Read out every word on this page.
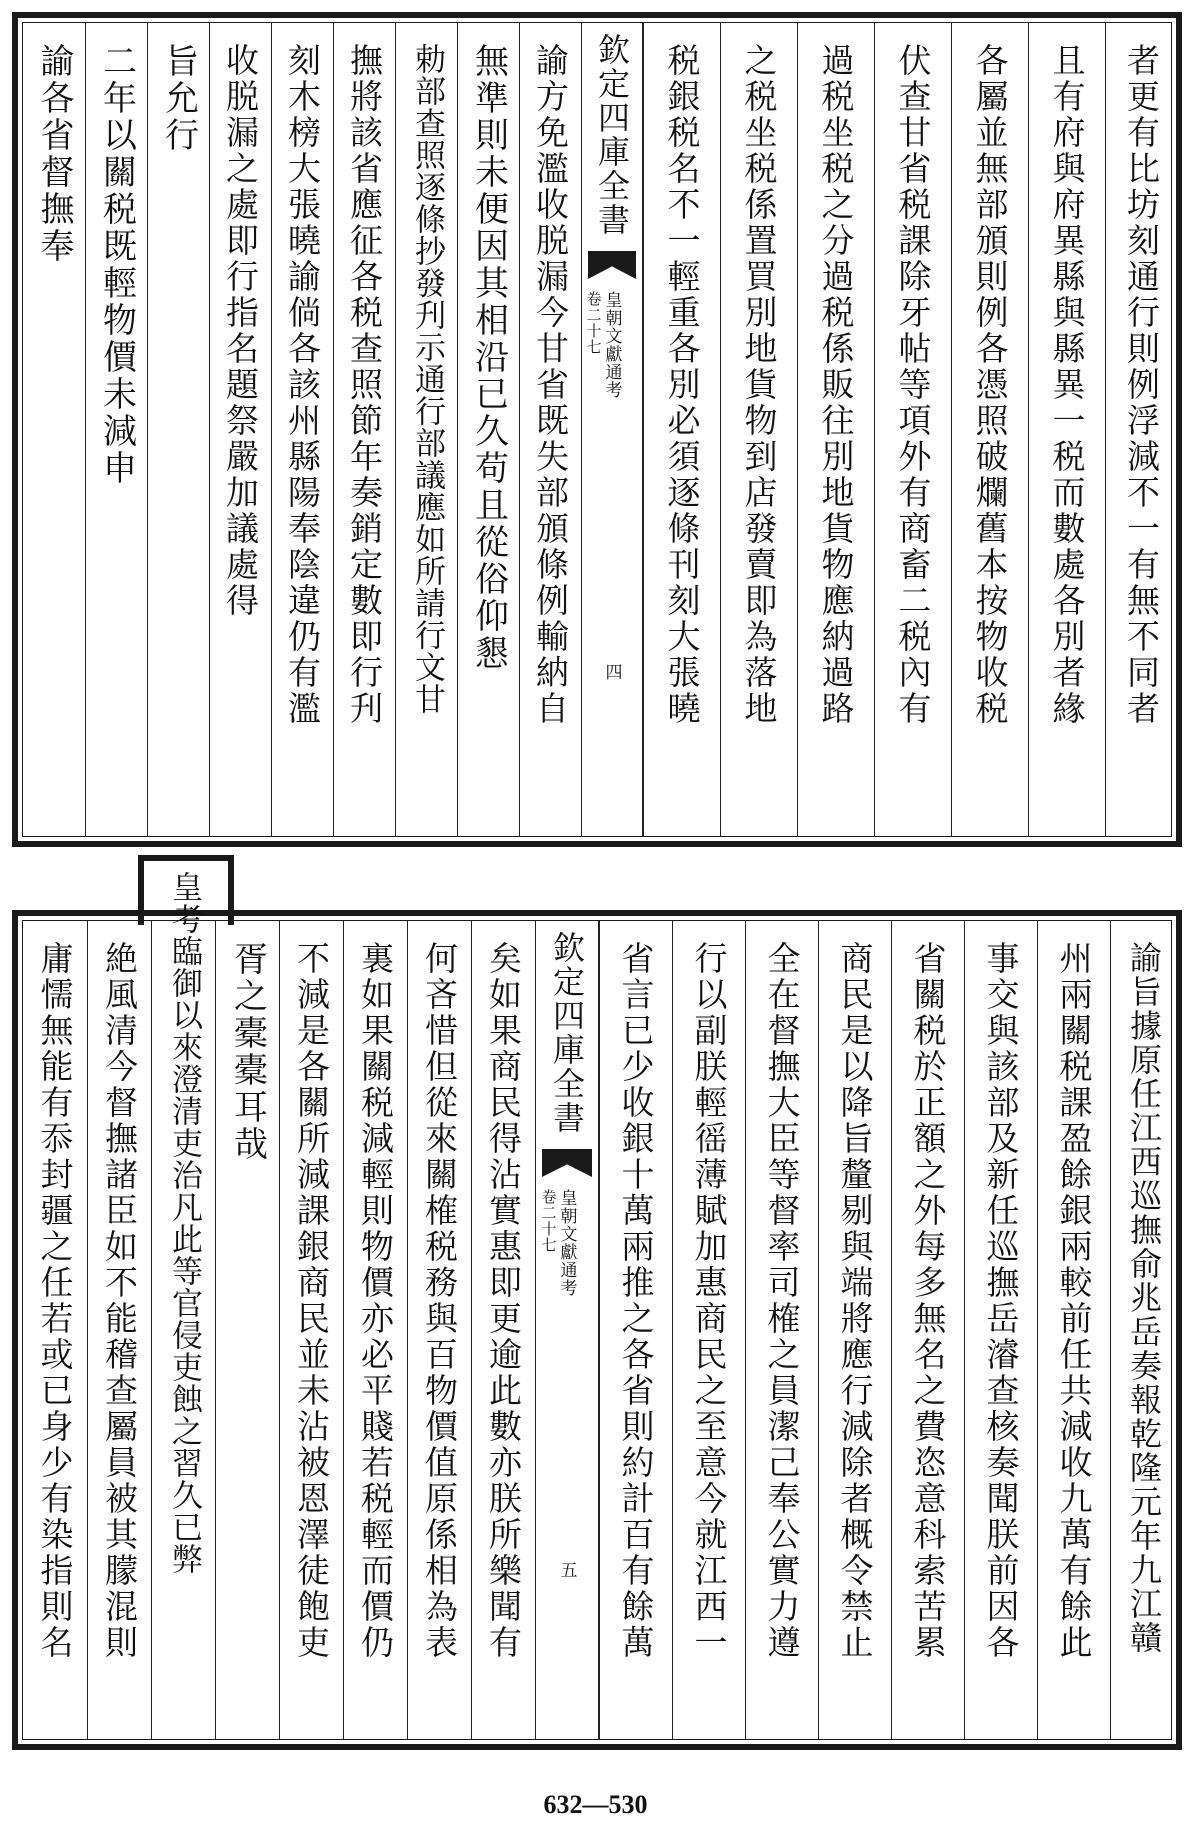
諭各省督撫奉 二年以關税既輕物價未減申 旨允行 收脱漏之處即行指名題祭嚴加議處得 刻木榜大張曉諭倘各該州縣陽奉陰違仍有濫 撫將該省應征各税查照節年奏銷定數即行刋 勅部查照逐條抄發刋示通行部議應如所請行文甘 無準則未便因其相沿已久苟且從俗仰懇 諭方免濫收脱漏今甘省既失部頒條例輸納自 欽定四庫全書
皇朝文獻通考
卷二十七
四 税銀税名不一輕重各別必須逐條刊刻大張曉 之税坐税係置買別地貨物到店發賣即為落地 過税坐税之分過税係販往別地貨物應納過路 伏查甘省税課除牙帖等項外有商畜二税內有 各屬並無部頒則例各憑照破爛舊本按物收税 且有府與府異縣與縣異一税而數處各別者緣 者更有比坊刻通行則例浮減不一有無不同者
庸懦無能有忝封疆之任若或已身少有染指則名 絶風清今督撫諸臣如不能稽查屬員被其朦混則 皇考臨御以來澄清吏治凡此等官侵吏蝕之習久已弊 胥之橐橐耳哉 不減是各關所減課銀商民並未沾被恩澤徒飽吏 裏如果關税減輕則物價亦必平賤若税輕而價仍 何吝惜但從來關榷税務與百物價值原係相為表 矣如果商民得沾實惠即更逾此數亦朕所樂聞有 欽定四庫全書
皇朝文獻通考
卷二十七
五 省言已少收銀十萬兩推之各省則約計百有餘萬 行以副朕輕徭薄賦加惠商民之至意今就江西一 全在督撫大臣等督率司榷之員潔己奉公實力遵 商民是以降旨釐剔與端將應行減除者概令禁止 省關税於正額之外每多無名之費恣意科索苦累 事交與該部及新任巡撫岳濬查核奏聞朕前因各 州兩關税課盈餘銀兩較前任共減收九萬有餘此 諭旨據原任江西巡撫俞兆岳奏報乾隆元年九江贛
632—530
